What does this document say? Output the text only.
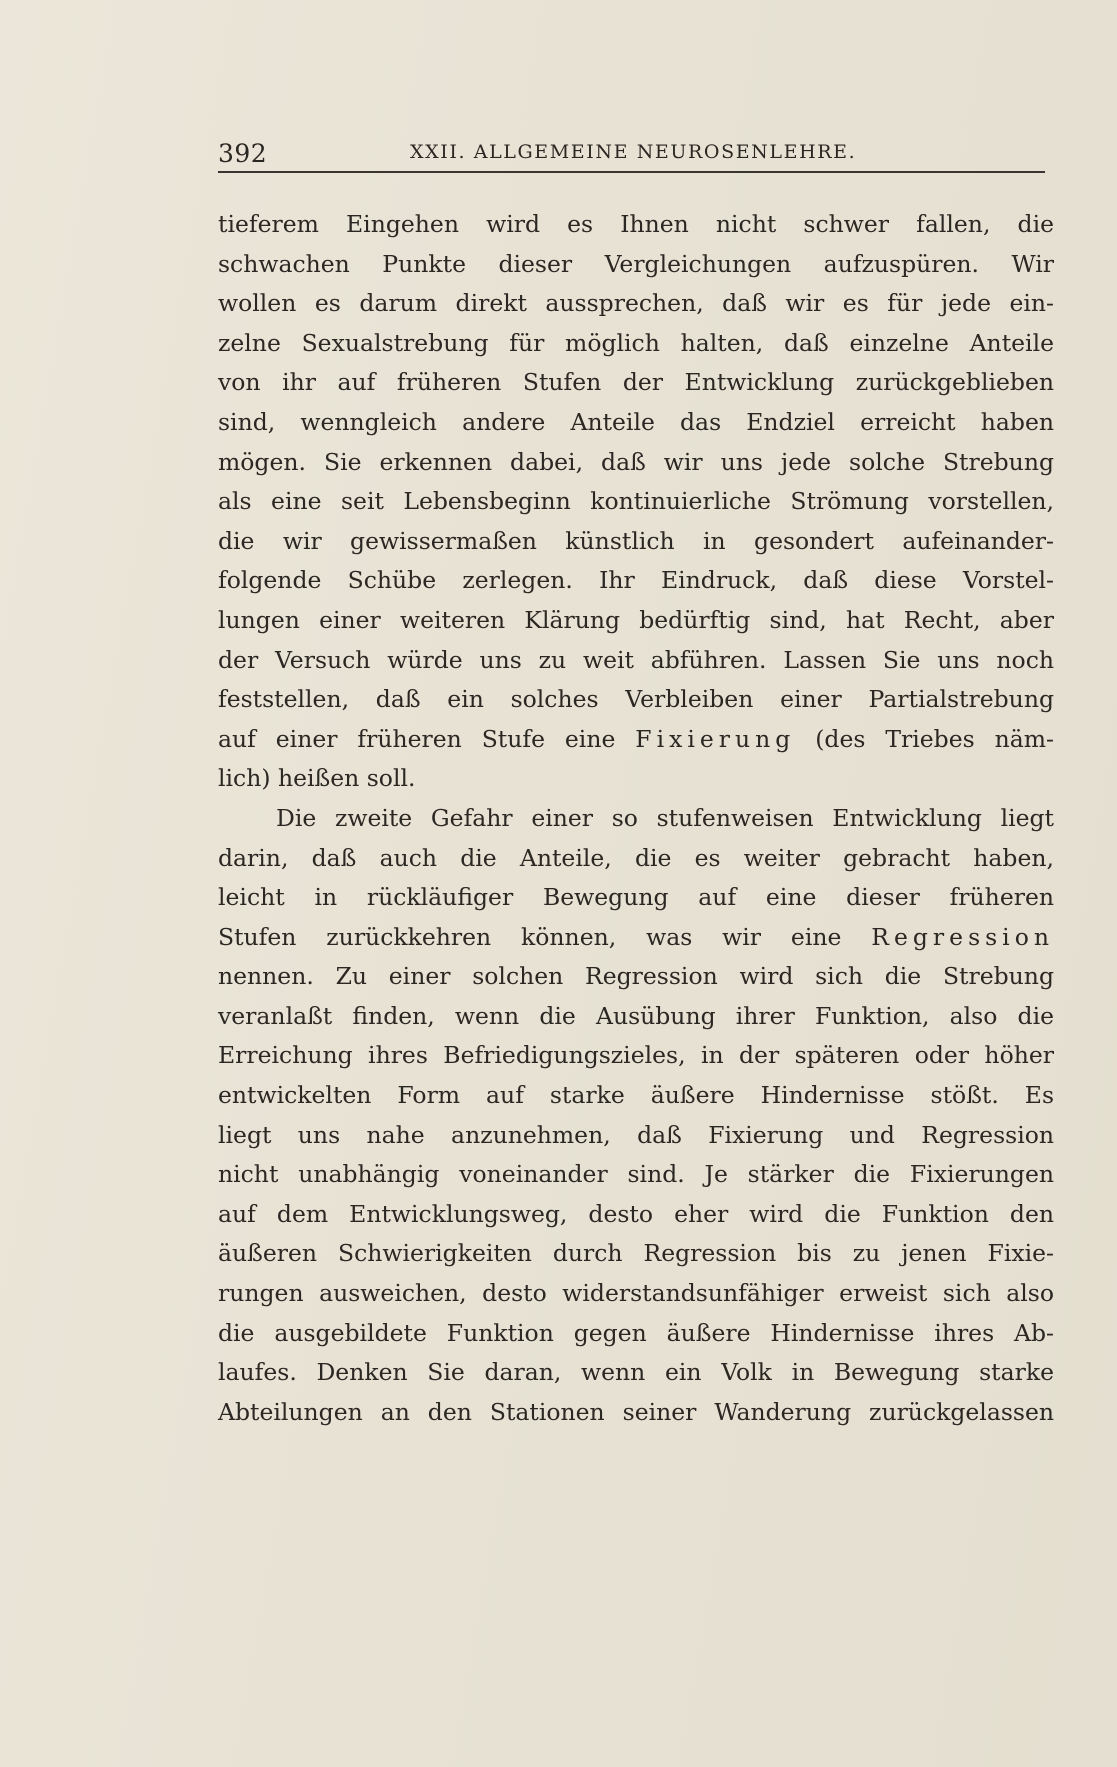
392	XXII. ALLGEMEINE NEUROSENLEHRE.
tieferem Eingehen wird es Ihnen nicht schwer fallen, die
schwachen Punkte dieser Vergleichungen aufzuspüren. Wir
wollen es darum direkt aussprechen, daß wir es für jede ein-
zelne Sexualstrebung für möglich halten, daß einzelne Anteile
von ihr auf früheren Stufen der Entwicklung zurückgeblieben
sind, wenngleich andere Anteile das Endziel erreicht haben
mögen. Sie erkennen dabei, daß wir uns jede solche Strebung
als eine seit Lebensbeginn kontinuierliche Strömung vorstellen,
die wir gewissermaßen künstlich in gesondert aufeinander-
folgende Schübe zerlegen. Ihr Eindruck, daß diese Vorstel-
lungen einer weiteren Klärung bedürftig sind, hat Recht, aber
der Versuch würde uns zu weit abführen. Lassen Sie uns noch
feststellen, daß ein solches Verbleiben einer Partialstrebung
auf einer früheren Stufe eine Fixierung (des Triebes näm-
lich) heißen soll.
Die zweite Gefahr einer so stufenweisen Entwicklung liegt
darin, daß auch die Anteile, die es weiter gebracht haben,
leicht in rückläufiger Bewegung auf eine dieser früheren
Stufen zurückkehren können, was wir eine Regression
nennen. Zu einer solchen Regression wird sich die Strebung
veranlaßt finden, wenn die Ausübung ihrer Funktion, also die
Erreichung ihres Befriedigungszieles, in der späteren oder höher
entwickelten Form auf starke äußere Hindernisse stößt. Es
liegt uns nahe anzunehmen, daß Fixierung und Regression
nicht unabhängig voneinander sind. Je stärker die Fixierungen
auf dem Entwicklungsweg, desto eher wird die Funktion den
äußeren Schwierigkeiten durch Regression bis zu jenen Fixie-
rungen ausweichen, desto widerstandsunfähiger erweist sich also
die ausgebildete Funktion gegen äußere Hindernisse ihres Ab-
laufes. Denken Sie daran, wenn ein Volk in Bewegung starke
Abteilungen an den Stationen seiner Wanderung zurückgelassen
